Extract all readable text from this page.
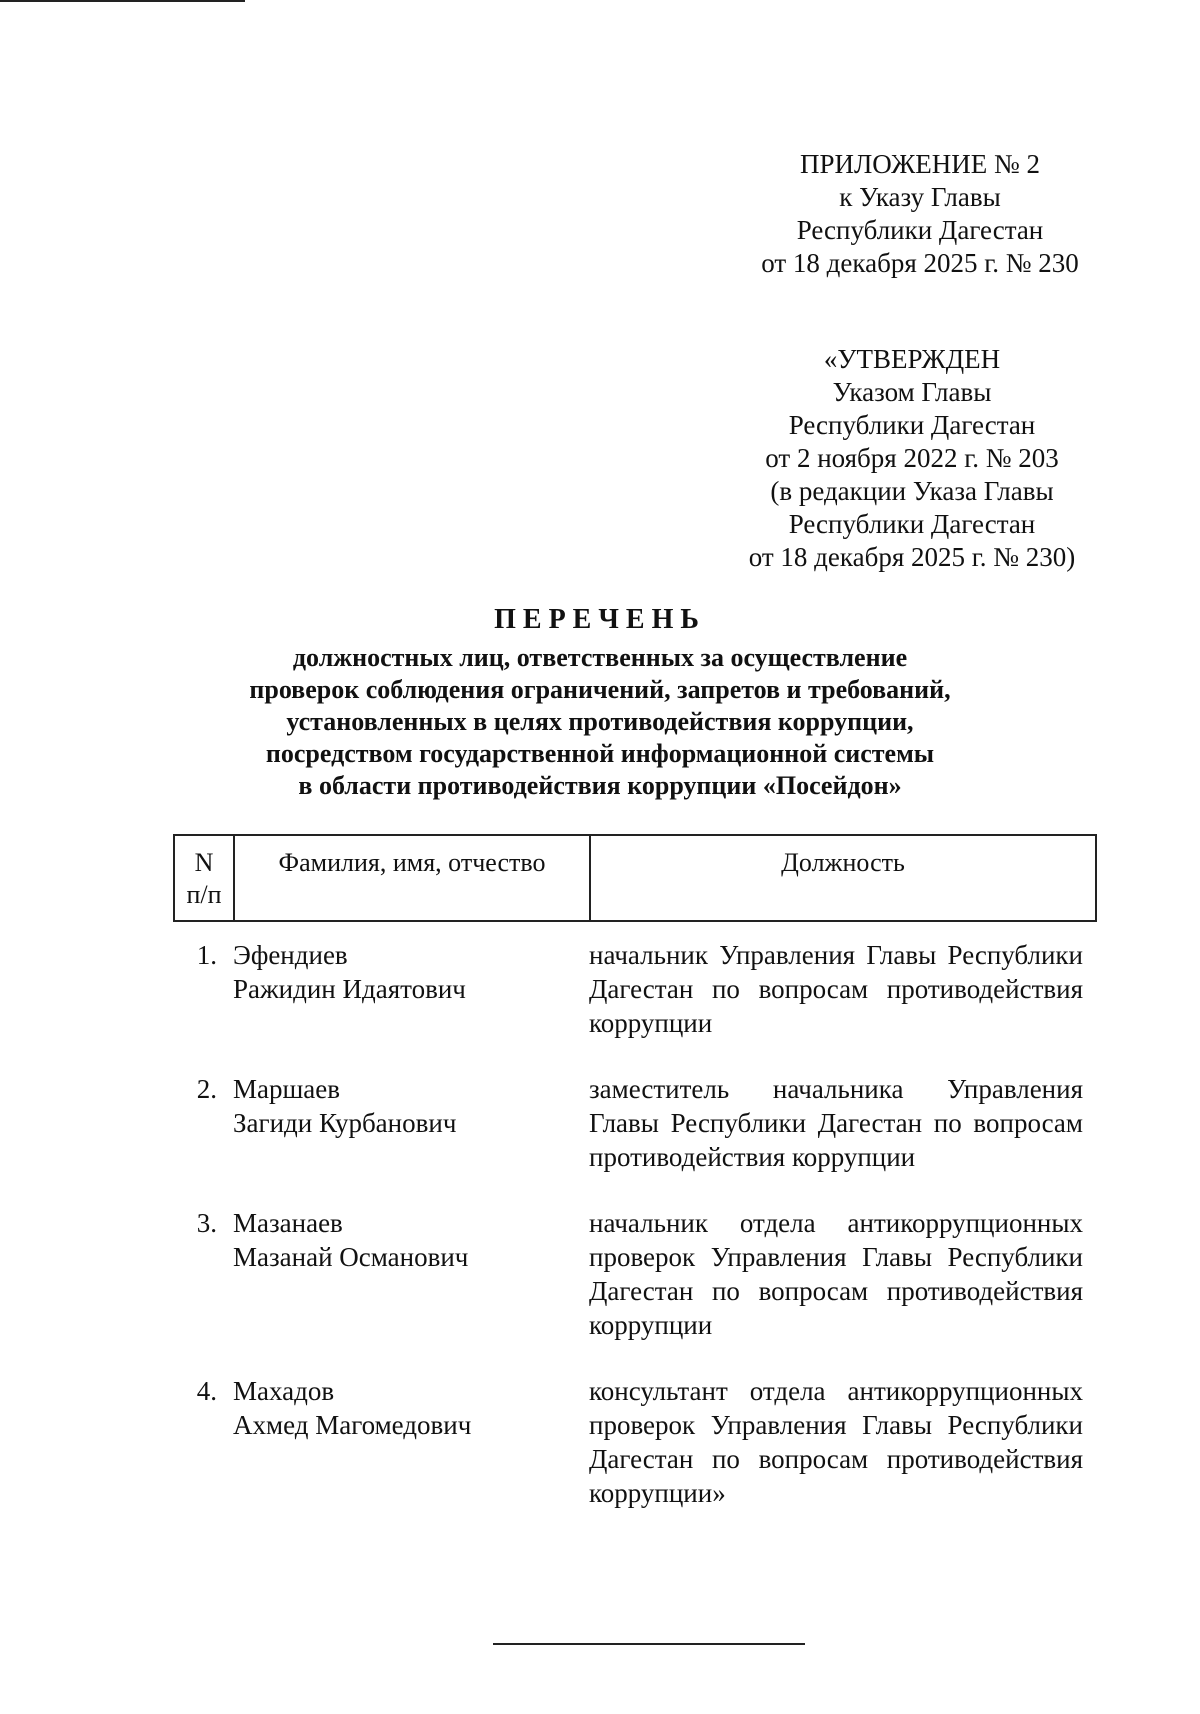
ПРИЛОЖЕНИЕ № 2
к Указу Главы
Республики Дагестан
от 18 декабря 2025 г. № 230
«УТВЕРЖДЕН
Указом Главы
Республики Дагестан
от 2 ноября 2022 г. № 203
(в редакции Указа Главы
Республики Дагестан
от 18 декабря 2025 г. № 230)
ПЕРЕЧЕНЬ
должностных лиц, ответственных за осуществление
проверок соблюдения ограничений, запретов и требований,
установленных в целях противодействия коррупции,
посредством государственной информационной системы
в области противодействия коррупции «Посейдон»
N
п/п
Фамилия, имя, отчество	Должность
1. Эфендиев
Ражидин Идаятович
начальник Управления Главы Республики Дагестан по вопросам противодействия коррупции
2. Маршаев
Загиди Курбанович
заместитель начальника Управления Главы Республики Дагестан по вопросам противодействия коррупции
3. Мазанаев
Мазанай Османович
начальник отдела антикоррупционных проверок Управления Главы Республики Дагестан по вопросам противодействия коррупции
4. Махадов
Ахмед Магомедович
консультант отдела антикоррупционных проверок Управления Главы Республики Дагестан по вопросам противодействия коррупции»
